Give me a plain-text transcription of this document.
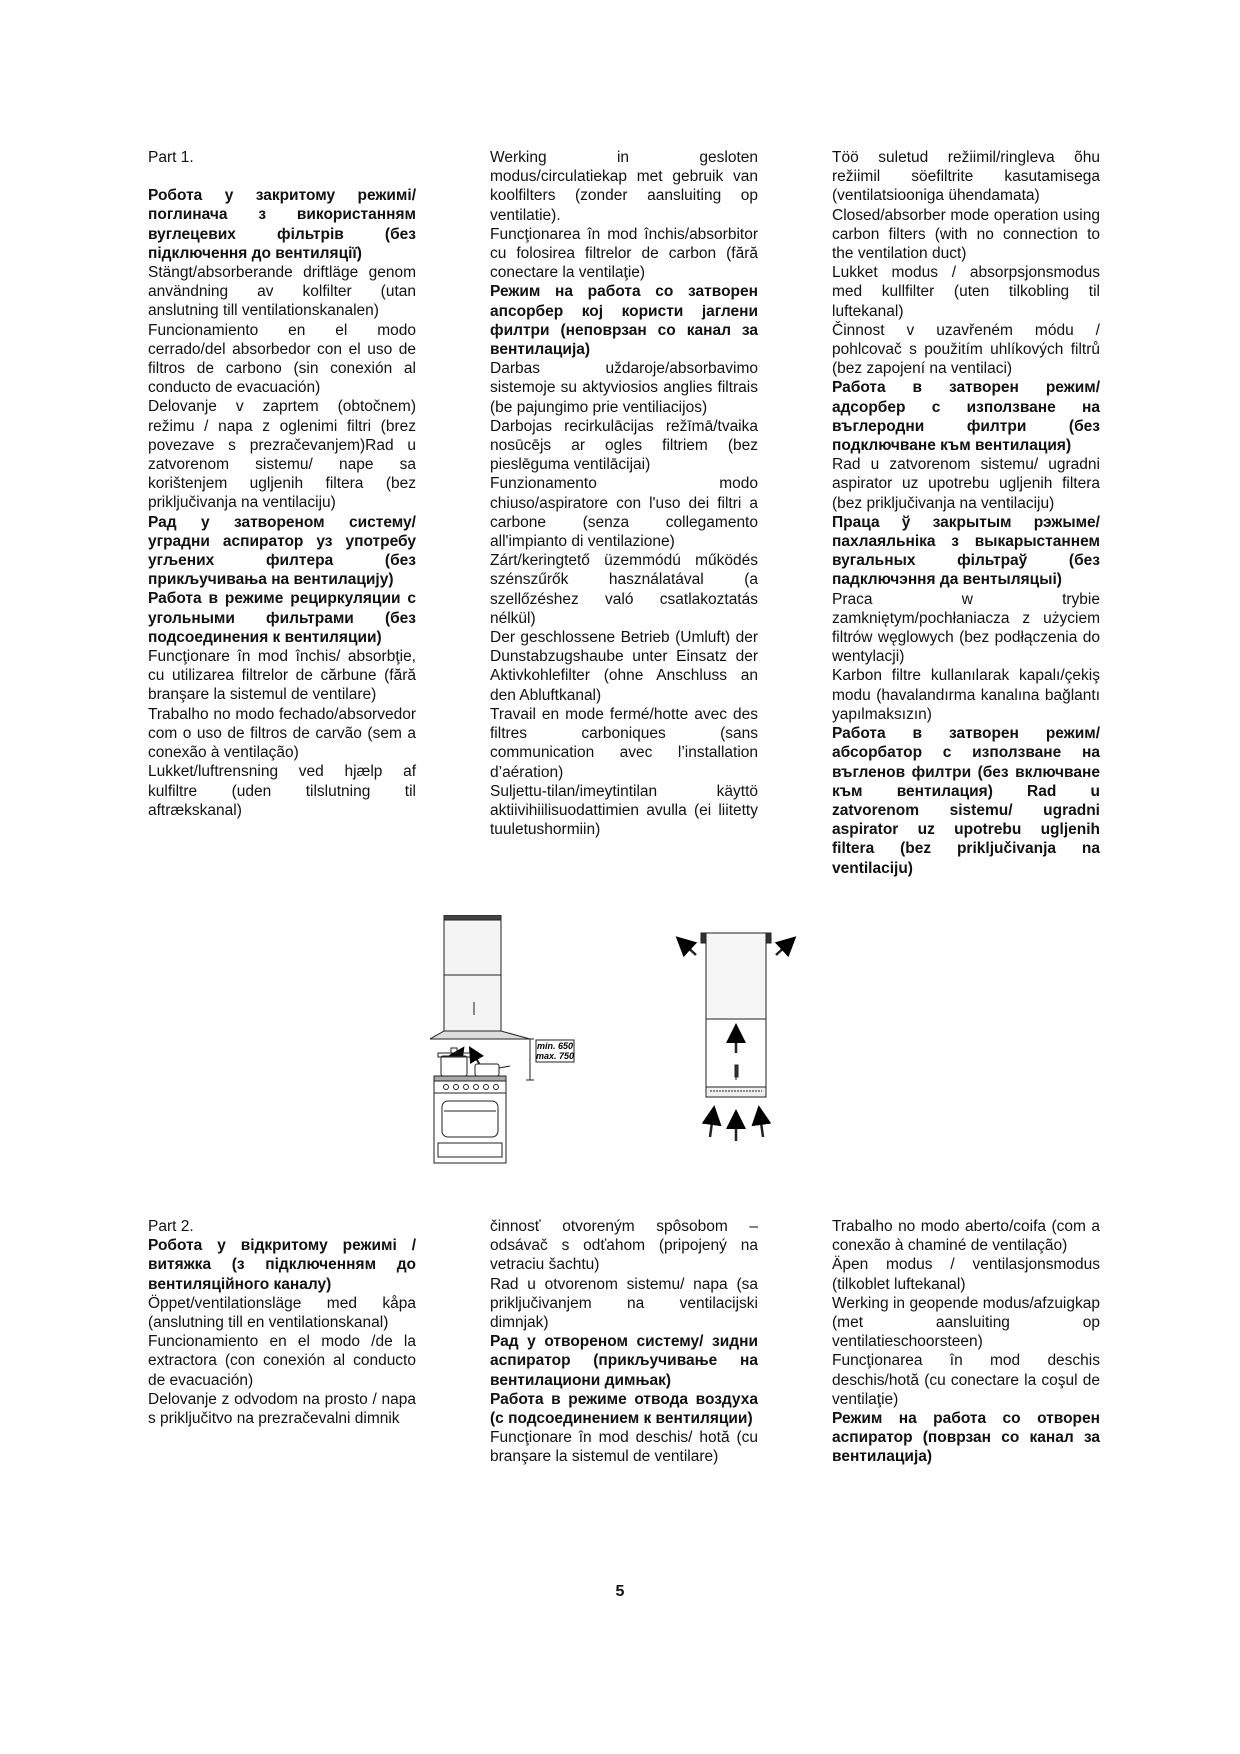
Part 1.

Робота у закритому режимі/поглинача з використанням вуглецевих фільтрів (без підключення до вентиляції)

Stängt/absorberande driftläge genom användning av kolfilter (utan anslutning till ventilationskanalen)

Funcionamiento en el modo cerrado/del absorbedor con el uso de filtros de carbono (sin conexión al conducto de evacuación)

Delovanje v zaprtem (obtočnem) režimu / napa z oglenimi filtri (brez povezave s prezračevanjem)Rad u zatvorenom sistemu/ nape sa korištenjem ugljenih filtera (bez priključivanja na ventilaciju)

Рад у затвореном систему/ уградни аспиратор уз употребу угљених филтера (без прикључивања на вентилацију)

Работа в режиме рециркуляции с угольными фильтрами (без подсоединения к вентиляции)

Funcţionare în mod închis/ absorbţie, cu utilizarea filtrelor de cărbune (fără branşare la sistemul de ventilare)

Trabalho no modo fechado/absorvedor com o uso de filtros de carvão (sem a conexão à ventilação)

Lukket/luftrensning ved hjælp af kulfiltre (uden tilslutning til aftrækskanal)

Werking in gesloten modus/circulatiekap met gebruik van koolfilters (zonder aansluiting op ventilatie).

Funcţionarea în mod închis/absorbitor cu folosirea filtrelor de carbon (fără conectare la ventilaţie)

Режим на работа со затворен апсорбер кој користи јаглени филтри (неповрзан со канал за вентилација)

Darbas uždaroje/absorbavimo sistemoje su aktyviosios anglies filtrais (be pajungimo prie ventiliacijos)

Darbojas recirkulācijas režīmā/tvaika nosūcējs ar ogles filtriem (bez pieslēguma ventilācijai)

Funzionamento modo chiuso/aspiratore con l'uso dei filtri a carbone (senza collegamento all'impianto di ventilazione)

Zárt/keringtető üzemmódú működés szénszűrők használatával (a szellőzéshez való csatlakoztatás nélkül)

Der geschlossene Betrieb (Umluft) der Dunstabzugshaube unter Einsatz der Aktivkohlefilter (ohne Anschluss an den Abluftkanal)

Travail en mode fermé/hotte avec des filtres carboniques (sans communication avec l’installation d’aération)

Suljettu-tilan/imeytintilan käyttö aktiivihiilisuodattimien avulla (ei liitetty tuuletushormiin)

Töö suletud režiimil/ringleva õhu režiimil söefiltrite kasutamisega (ventilatsiooniga ühendamata)

Closed/absorber mode operation using carbon filters (with no connection to the ventilation duct)

Lukket modus / absorpsjonsmodus med kullfilter (uten tilkobling til luftekanal)

Činnost v uzavřeném módu / pohlcovač s použitím uhlíkových filtrů (bez zapojení na ventilaci)

Работа в затворен режим/адсорбер с използване на въглеродни филтри (без подключване към вентилация)

Rad u zatvorenom sistemu/ ugradni aspirator uz upotrebu ugljenih filtera (bez priključivanja na ventilaciju)

Праца ў закрытым рэжыме/пахлаяльніка з выкарыстаннем вугальных фільтраў (без падключэння да вентыляцыі)

Praca w trybie zamkniętym/pochłaniacza z użyciem filtrów węglowych (bez podłączenia do wentylacji)

Karbon filtre kullanılarak kapalı/çekiş modu (havalandırma kanalına bağlantı yapılmaksızın)

Работа в затворен режим/абсорбатор с използване на въгленов филтри (без включване към вентилация) Rad u zatvorenom sistemu/ ugradni aspirator uz upotrebu ugljenih filtera (bez priključivanja na ventilaciju)

min. 650
max. 750

Part 2.

Робота у відкритому режимі /витяжка (з підключенням до вентиляційного каналу)

Öppet/ventilationsläge med kåpa (anslutning till en ventilationskanal)

Funcionamiento en el modo /de la extractora (con conexión al conducto de evacuación)

Delovanje z odvodom na prosto / napa s priključitvo na prezračevalni dimnik

činnosť otvoreným spôsobom – odsávač s odťahom (pripojený na vetraciu šachtu)

Rad u otvorenom sistemu/ napa (sa priključivanjem na ventilacijski dimnjak)

Рад у отвореном систему/ зидни аспиратор (прикључивање на вентилациони димњак)

Работа в режиме отвода воздуха (с подсоединением к вентиляции)

Funcţionare în mod deschis/ hotă (cu branşare la sistemul de ventilare)

Trabalho no modo aberto/coifa (com a conexão à chaminé de ventilação)

Äpen modus / ventilasjonsmodus (tilkoblet luftekanal)

Werking in geopende modus/afzuigkap (met aansluiting op ventilatieschoorsteen)

Funcţionarea în mod deschis deschis/hotă (cu conectare la coşul de ventilaţie)

Режим на работа со отворен аспиратор (поврзан со канал за вентилација)

5
